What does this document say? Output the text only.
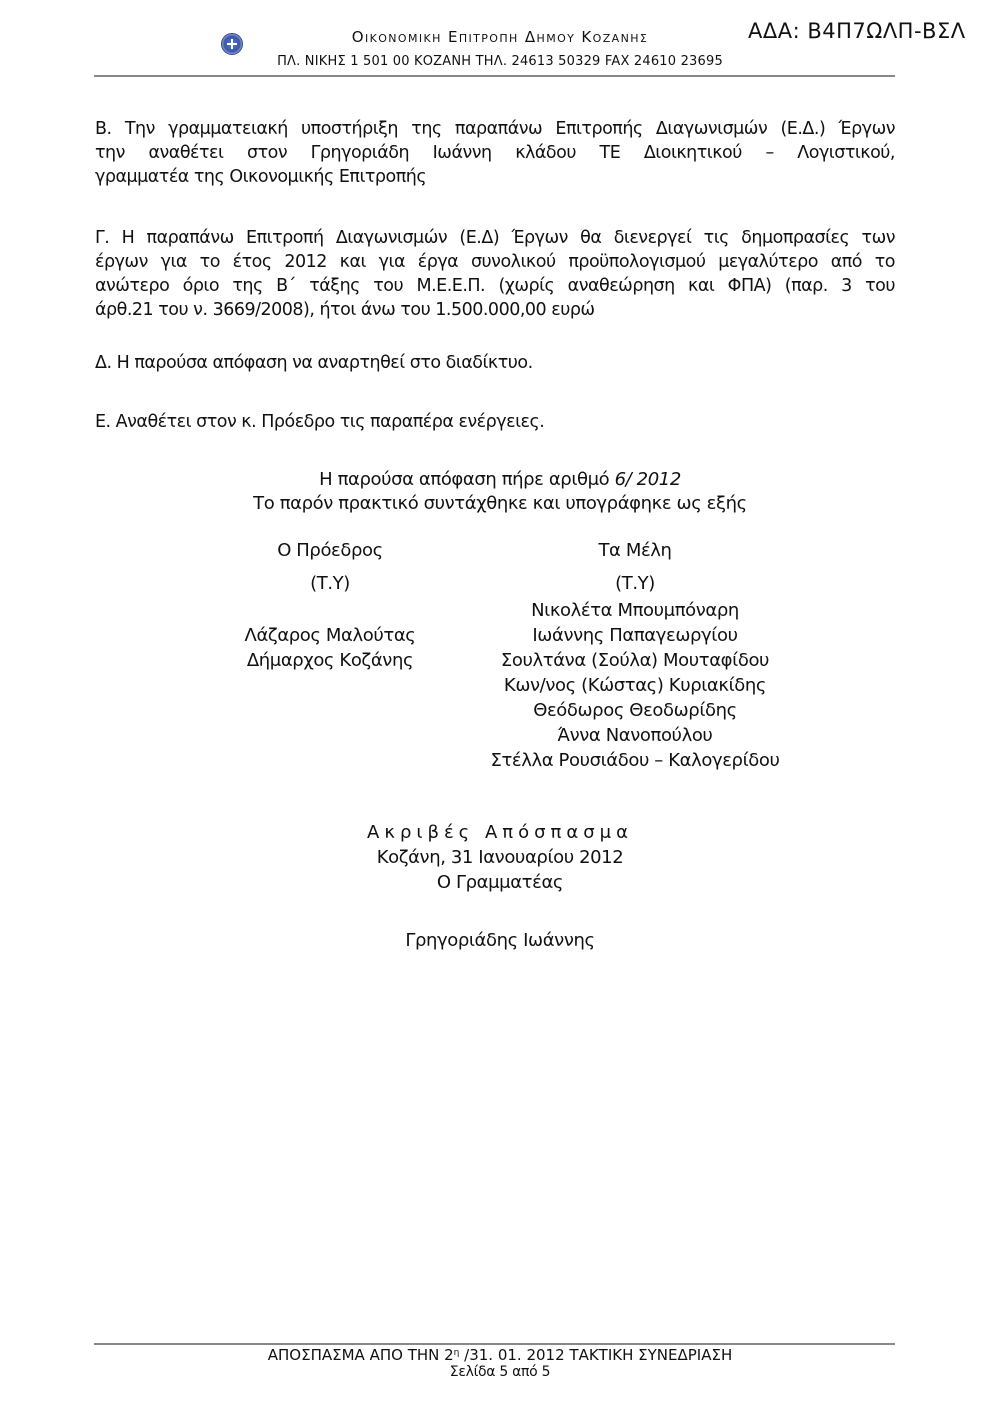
Οικονομικη Επιτροπη Δημου Κοζανης
ΠΛ. ΝΙΚΗΣ 1 501 00 ΚΟΖΑΝΗ ΤΗΛ. 24613 50329 FAX 24610 23695
ΑΔΑ: Β4Π7ΩΛΠ-ΒΣΛ
Β. Την γραμματειακή υποστήριξη της παραπάνω Επιτροπής Διαγωνισμών (Ε.Δ.) Έργων
την αναθέτει στον Γρηγοριάδη Ιωάννη κλάδου ΤΕ Διοικητικού – Λογιστικού,
γραμματέα της Οικονομικής Επιτροπής
Γ. Η παραπάνω Επιτροπή Διαγωνισμών (Ε.Δ) Έργων θα διενεργεί τις δημοπρασίες των
έργων για το έτος 2012 και για έργα συνολικού προϋπολογισμού μεγαλύτερο από το
ανώτερο όριο της Β΄ τάξης του Μ.Ε.Ε.Π. (χωρίς αναθεώρηση και ΦΠΑ) (παρ. 3 του
άρθ.21 του ν. 3669/2008), ήτοι άνω του 1.500.000,00 ευρώ
Δ. Η παρούσα απόφαση να αναρτηθεί στο διαδίκτυο.
Ε. Αναθέτει στον κ. Πρόεδρο τις παραπέρα ενέργειες.
Η παρούσα απόφαση πήρε αριθμό 6/ 2012
Το παρόν πρακτικό συντάχθηκε και υπογράφηκε ως εξής
Ο Πρόεδρος	Τα Μέλη
(Τ.Υ)	(Τ.Υ)
Λάζαρος Μαλούτας
Δήμαρχος Κοζάνης
Νικολέτα Μπουμπόναρη
Ιωάννης Παπαγεωργίου
Σουλτάνα (Σούλα) Μουταφίδου
Κων/νος (Κώστας) Κυριακίδης
Θεόδωρος Θεοδωρίδης
Άννα Νανοπούλου
Στέλλα Ρουσιάδου – Καλογερίδου
Ακριβές Απόσπασμα
Κοζάνη, 31 Ιανουαρίου 2012
Ο Γραμματέας
Γρηγοριάδης Ιωάννης
ΑΠΟΣΠΑΣΜΑ ΑΠΟ ΤΗΝ $2^\eta$ /31. 01. 2012 ΤΑΚΤΙΚΗ ΣΥΝΕΔΡΙΑΣΗ
Σελίδα 5 από 5
